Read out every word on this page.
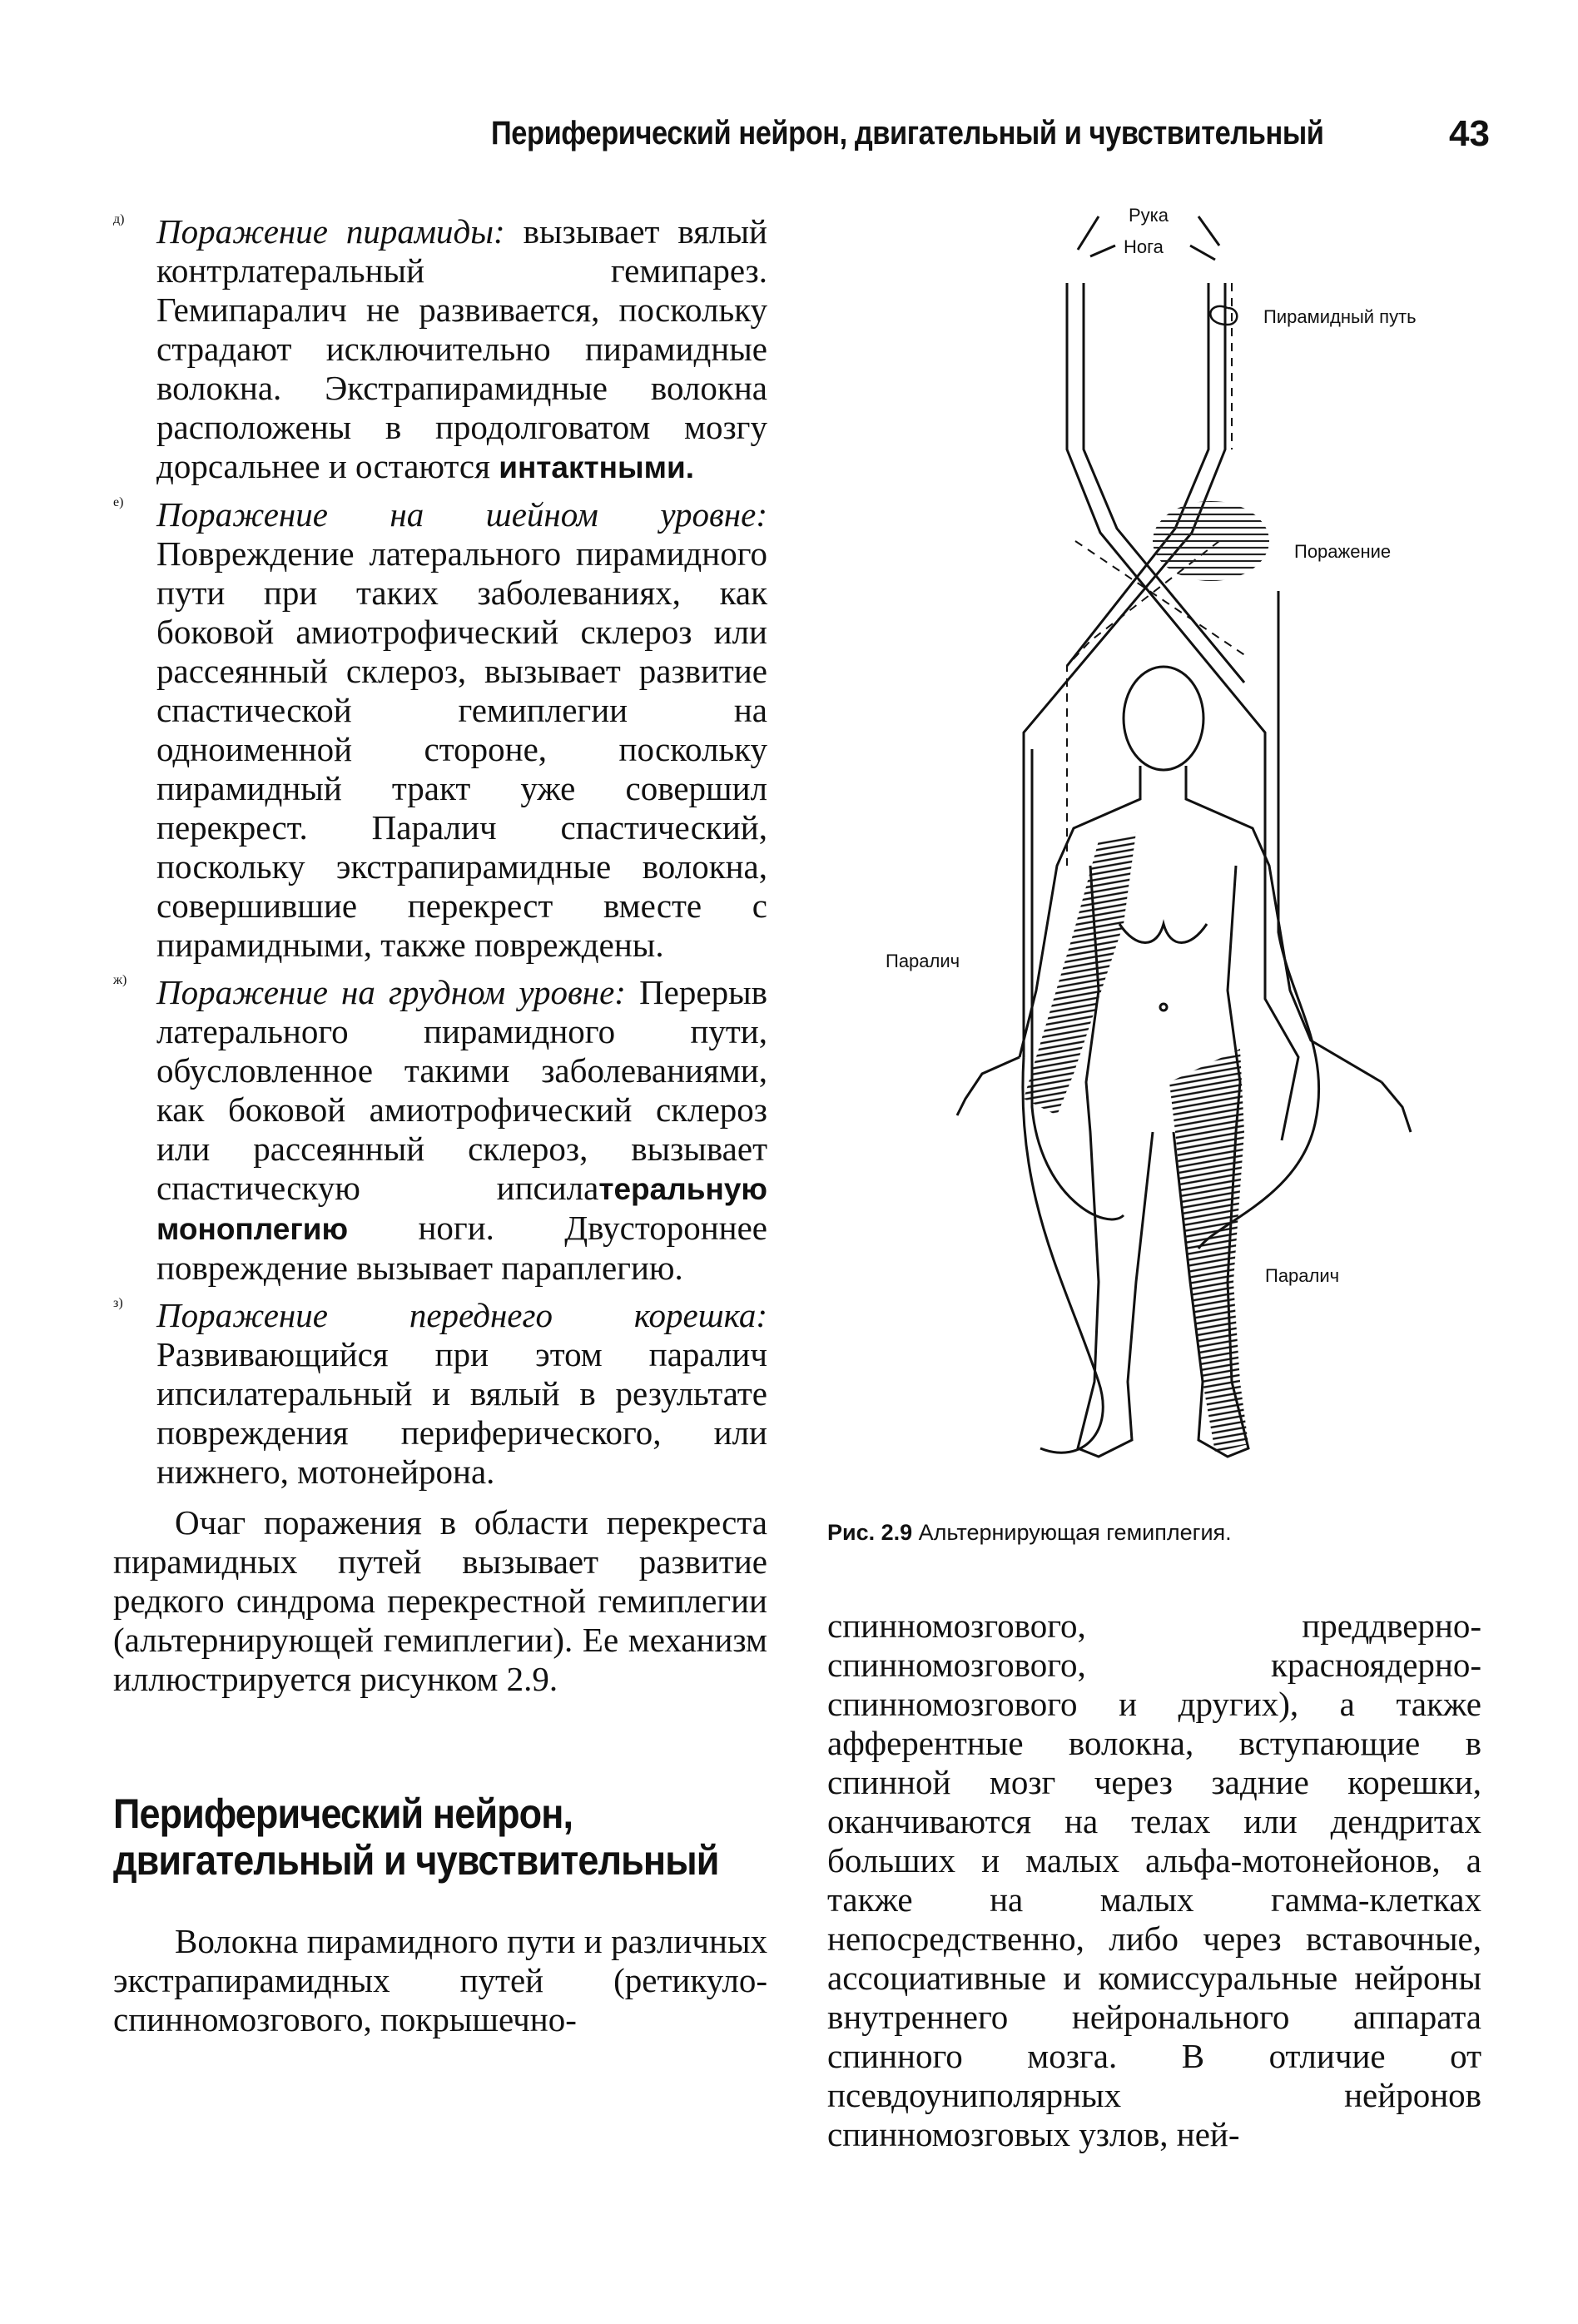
Периферический нейрон, двигательный и чувствительный	43
д) Поражение пирамиды: вызывает вялый контрлатеральный гемипарез. Гемипаралич не развивается, поскольку страдают исключительно пирамидные волокна. Экстрапирамидные волокна расположены в продолговатом мозгу дорсальнее и остаются интактными.

е) Поражение на шейном уровне: Повреждение латерального пирамидного пути при таких заболеваниях, как боковой амиотрофический склероз или рассеянный склероз, вызывает развитие спастической гемиплегии на одноименной стороне, поскольку пирамидный тракт уже совершил перекрест. Паралич спастический, поскольку экстрапирамидные волокна, совершившие перекрест вместе с пирамидными, также повреждены.

ж) Поражение на грудном уровне: Перерыв латерального пирамидного пути, обусловленное такими заболеваниями, как боковой амиотрофический склероз или рассеянный склероз, вызывает спастическую ипсилатеральную моноплегию ноги. Двустороннее повреждение вызывает параплегию.

з) Поражение переднего корешка: Развивающийся при этом паралич ипсилатеральный и вялый в результате повреждения периферического, или нижнего, мотонейрона.

Очаг поражения в области перекреста пирамидных путей вызывает развитие редкого синдрома перекрестной гемиплегии (альтернирующей гемиплегии). Ее механизм иллюстрируется рисунком 2.9.

Периферический нейрон, двигательный и чувствительный

Волокна пирамидного пути и различных экстрапирамидных путей (ретикуло-спинномозгового, покрышечно-

Рука
Нога
Пирамидный путь
Поражение
Паралич
Паралич
Рис. 2.9 Альтернирующая гемиплегия.

спинномозгового, преддверно-спинномозгового, красноядерно-спинномозгового и других), а также афферентные волокна, вступающие в спинной мозг через задние корешки, оканчиваются на телах или дендритах больших и малых альфа-мотонейонов, а также на малых гамма-клетках непосредственно, либо через вставочные, ассоциативные и комиссуральные нейроны внутреннего нейронального аппарата спинного мозга. В отличие от псевдоуниполярных нейронов спинномозговых узлов, ней-
